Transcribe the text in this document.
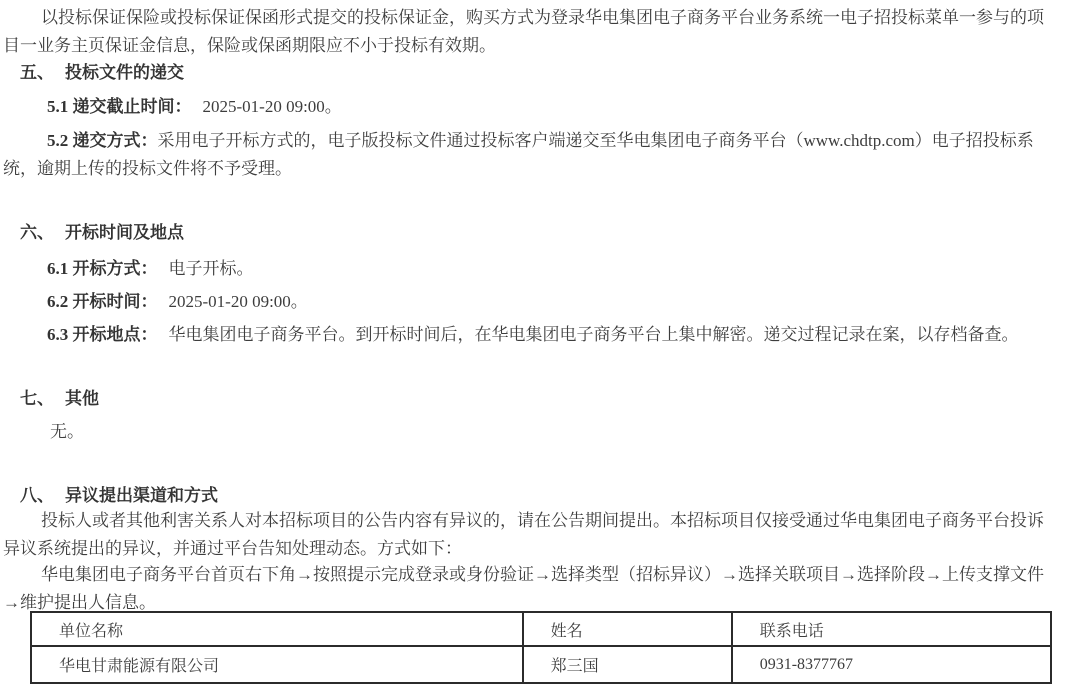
以投标保证保险或投标保证保函形式提交的投标保证金，购买方式为登录华电集团电子商务平台业务系统一电子招投标菜单一参与的项目一业务主页保证金信息，保险或保函期限应不小于投标有效期。

五、 投标文件的递交

5.1 递交截止时间： 2025-01-20 09:00。

5.2 递交方式：采用电子开标方式的，电子版投标文件通过投标客户端递交至华电集团电子商务平台（www.chdtp.com）电子招投标系统，逾期上传的投标文件将不予受理。

六、 开标时间及地点

6.1 开标方式： 电子开标。

6.2 开标时间： 2025-01-20 09:00。

6.3 开标地点： 华电集团电子商务平台。到开标时间后，在华电集团电子商务平台上集中解密。递交过程记录在案，以存档备查。

七、 其他

无。

八、 异议提出渠道和方式

投标人或者其他利害关系人对本招标项目的公告内容有异议的，请在公告期间提出。本招标项目仅接受通过华电集团电子商务平台投诉异议系统提出的异议，并通过平台告知处理动态。方式如下：

华电集团电子商务平台首页右下角→按照提示完成登录或身份验证→选择类型（招标异议）→选择关联项目→选择阶段→上传支撑文件→维护提出人信息。

单位名称	姓名	联系电话
华电甘肃能源有限公司	郑三国	0931-8377767
